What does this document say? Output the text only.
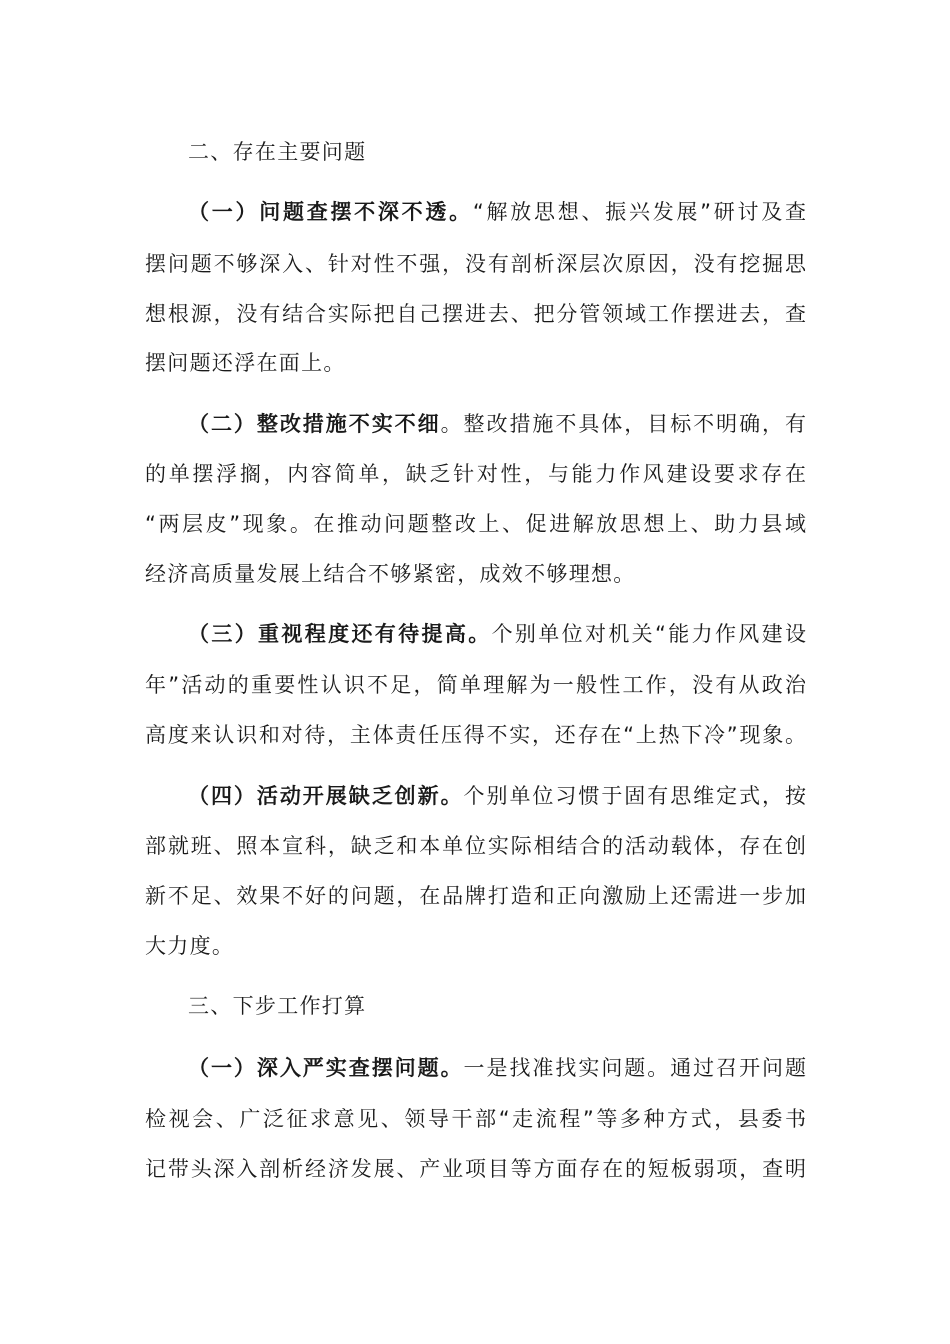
二、存在主要问题
（一）问题查摆不深不透。“解放思想、振兴发展”研讨及查
摆问题不够深入、针对性不强，没有剖析深层次原因，没有挖掘思
想根源，没有结合实际把自己摆进去、把分管领域工作摆进去，查
摆问题还浮在面上。
（二）整改措施不实不细。整改措施不具体，目标不明确，有
的单摆浮搁，内容简单，缺乏针对性，与能力作风建设要求存在
“两层皮”现象。在推动问题整改上、促进解放思想上、助力县域
经济高质量发展上结合不够紧密，成效不够理想。
（三）重视程度还有待提高。个别单位对机关“能力作风建设
年”活动的重要性认识不足，简单理解为一般性工作，没有从政治
高度来认识和对待，主体责任压得不实，还存在“上热下冷”现象。
（四）活动开展缺乏创新。个别单位习惯于固有思维定式，按
部就班、照本宣科，缺乏和本单位实际相结合的活动载体，存在创
新不足、效果不好的问题，在品牌打造和正向激励上还需进一步加
大力度。
三、下步工作打算
（一）深入严实查摆问题。一是找准找实问题。通过召开问题
检视会、广泛征求意见、领导干部“走流程”等多种方式，县委书
记带头深入剖析经济发展、产业项目等方面存在的短板弱项，查明
